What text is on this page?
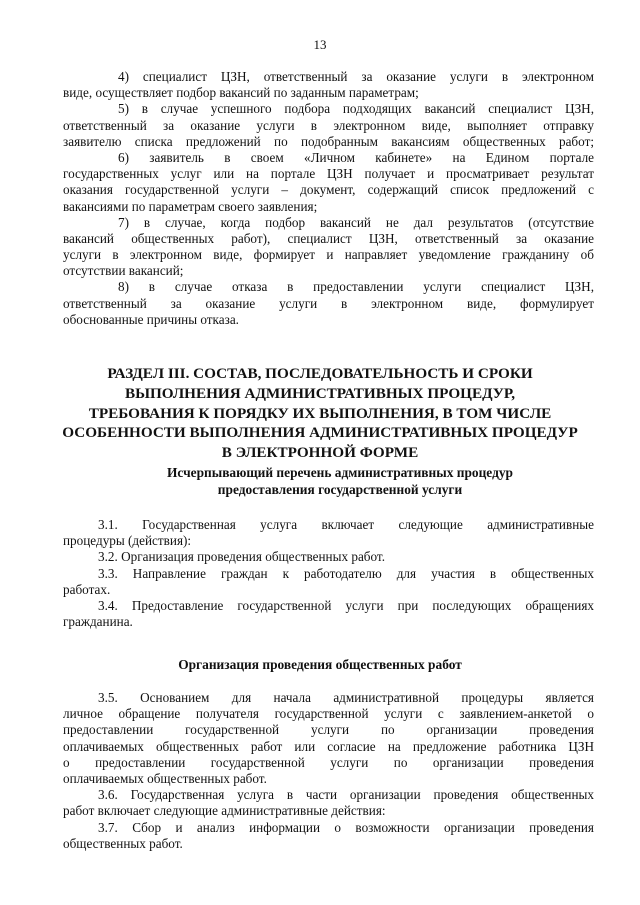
13
4) специалист ЦЗН, ответственный за оказание услуги в электронном
виде, осуществляет подбор вакансий по заданным параметрам;
5) в случае успешного подбора подходящих вакансий специалист ЦЗН,
ответственный за оказание услуги в электронном виде, выполняет отправку
заявителю списка предложений по подобранным вакансиям общественных работ;
6) заявитель в своем «Личном кабинете» на Едином портале
государственных услуг или на портале ЦЗН получает и просматривает результат
оказания государственной услуги – документ, содержащий список предложений с
вакансиями по параметрам своего заявления;
7) в случае, когда подбор вакансий не дал результатов (отсутствие
вакансий общественных работ), специалист ЦЗН, ответственный за оказание
услуги в электронном виде, формирует и направляет уведомление гражданину об
отсутствии вакансий;
8) в случае отказа в предоставлении услуги специалист ЦЗН,
ответственный за оказание услуги в электронном виде, формулирует
обоснованные причины отказа.
РАЗДЕЛ III. СОСТАВ, ПОСЛЕДОВАТЕЛЬНОСТЬ И СРОКИ
ВЫПОЛНЕНИЯ АДМИНИСТРАТИВНЫХ ПРОЦЕДУР,
ТРЕБОВАНИЯ К ПОРЯДКУ ИХ ВЫПОЛНЕНИЯ, В ТОМ ЧИСЛЕ
ОСОБЕННОСТИ ВЫПОЛНЕНИЯ АДМИНИСТРАТИВНЫХ ПРОЦЕДУР
В ЭЛЕКТРОННОЙ ФОРМЕ
Исчерпывающий перечень административных процедур
предоставления государственной услуги
3.1. Государственная услуга включает следующие административные
процедуры (действия):
3.2. Организация проведения общественных работ.
3.3. Направление граждан к работодателю для участия в общественных
работах.
3.4. Предоставление государственной услуги при последующих обращениях
гражданина.
Организация проведения общественных работ
3.5. Основанием для начала административной процедуры является
личное обращение получателя государственной услуги с заявлением-анкетой о
предоставлении государственной услуги по организации проведения
оплачиваемых общественных работ или согласие на предложение работника ЦЗН
о предоставлении государственной услуги по организации проведения
оплачиваемых общественных работ.
3.6. Государственная услуга в части организации проведения общественных
работ включает следующие административные действия:
3.7. Сбор и анализ информации о возможности организации проведения
общественных работ.
